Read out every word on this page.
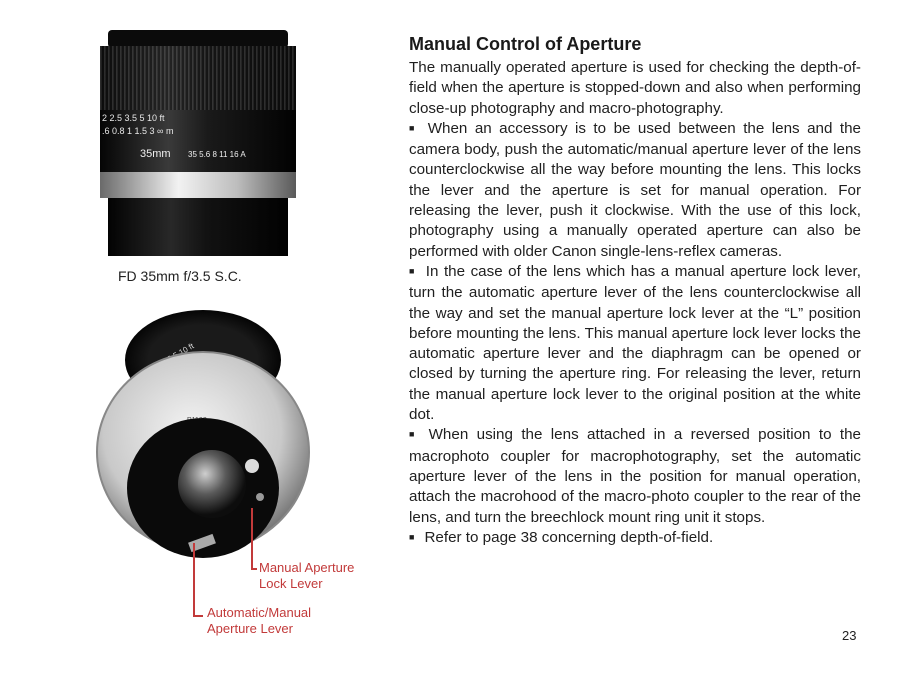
2 2.5 3.5 5 10 ft
.6 0.8 1 1.5 3 ∞ m
35mm 35 5.6 8 11 16 A
FD 35mm f/3.5 S.C.
Manual Aperture
Lock Lever
Automatic/Manual
Aperture Lever
Manual Control of Aperture

The manually operated aperture is used for checking the depth-of-field when the aperture is stopped-down and also when performing close-up photography and macro-photography.

■ When an accessory is to be used between the lens and the camera body, push the automatic/manual aperture lever of the lens counterclockwise all the way before mounting the lens. This locks the lever and the aperture is set for manual operation. For releasing the lever, push it clockwise. With the use of this lock, photography using a manually operated aperture can also be performed with older Canon single-lens-reflex cameras.

■ In the case of the lens which has a manual aperture lock lever, turn the automatic aperture lever of the lens counterclockwise all the way and set the manual aperture lock lever at the “L” position before mounting the lens. This manual aperture lock lever locks the automatic aperture lever and the diaphragm can be opened or closed by turning the aperture ring. For releasing the lever, return the manual aperture lock lever to the original position at the white dot.

■ When using the lens attached in a reversed position to the macrophoto coupler for macrophotography, set the automatic aperture lever of the lens in the position for manual operation, attach the macrohood of the macro-photo coupler to the rear of the lens, and turn the breechlock mount ring unit it stops.

■ Refer to page 38 concerning depth-of-field.

23
